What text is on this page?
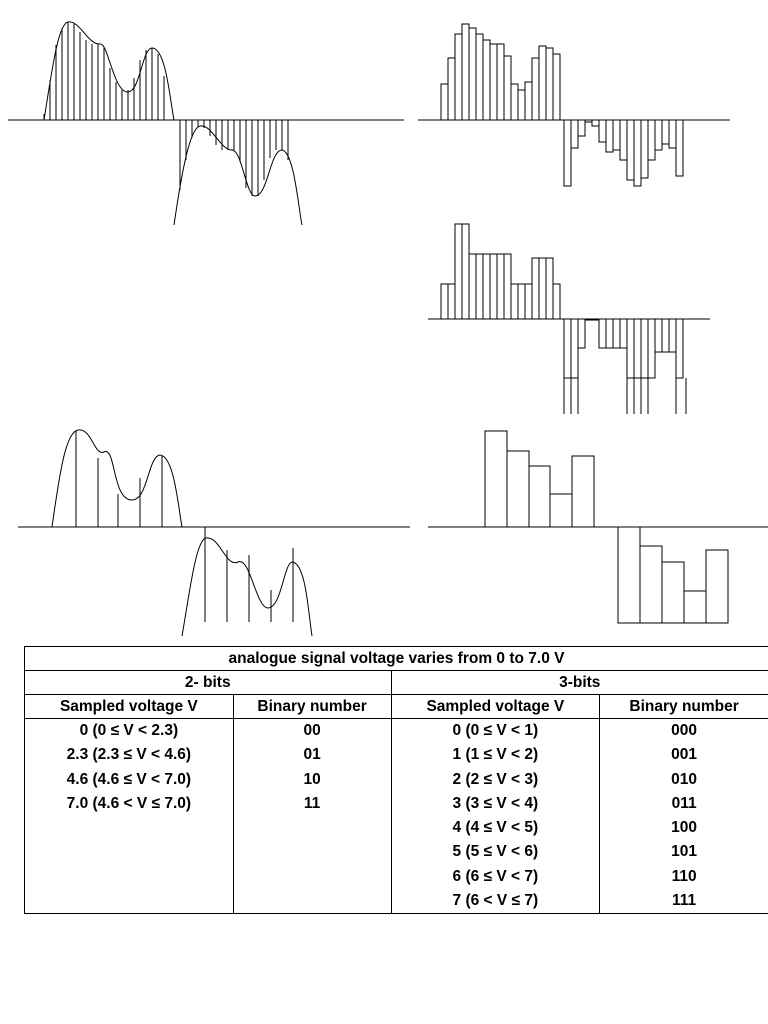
analogue signal voltage varies from 0 to 7.0 V			
2- bits		3-bits	
Sampled voltage V	Binary number	Sampled voltage V	Binary number
0 (0 ≤ V < 2.3)	00	0 (0 ≤ V < 1)	000
2.3 (2.3 ≤ V < 4.6)	01	1 (1 ≤ V < 2)	001
4.6 (4.6 ≤ V < 7.0)	10	2 (2 ≤ V < 3)	010
7.0 (4.6 < V ≤ 7.0)	11	3 (3 ≤ V < 4)	011
		4 (4 ≤ V < 5)	100
		5 (5 ≤ V < 6)	101
		6 (6 ≤ V < 7)	110
		7 (6 < V ≤ 7)	111
